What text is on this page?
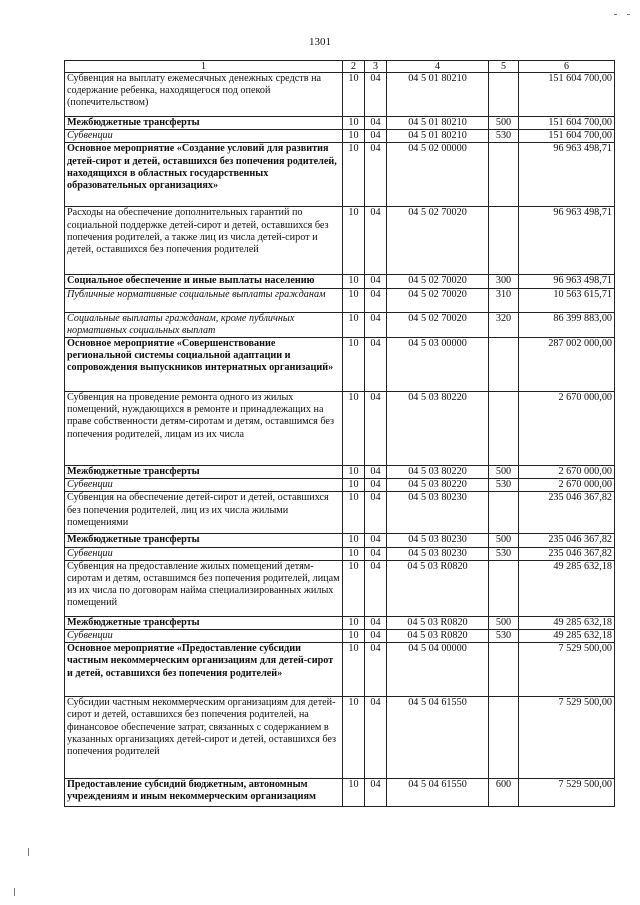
1301
1	2	3	4	5	6
Субвенция на выплату ежемесячных денежных средств на содержание ребенка, находящегося под опекой (попечительством)	10	04	04 5 01 80210		151 604 700,00
Межбюджетные трансферты	10	04	04 5 01 80210	500	151 604 700,00
Субвенции	10	04	04 5 01 80210	530	151 604 700,00
Основное мероприятие «Создание условий для развития детей-сирот и детей, оставшихся без попечения родителей, находящихся в областных государственных образовательных организациях»	10	04	04 5 02 00000		96 963 498,71
Расходы на обеспечение дополнительных гарантий по социальной поддержке детей-сирот и детей, оставшихся без попечения родителей, а также лиц из числа детей-сирот и детей, оставшихся без попечения родителей	10	04	04 5 02 70020		96 963 498,71
Социальное обеспечение и иные выплаты населению	10	04	04 5 02 70020	300	96 963 498,71
Публичные нормативные социальные выплаты гражданам	10	04	04 5 02 70020	310	10 563 615,71
Социальные выплаты гражданам, кроме публичных нормативных социальных выплат	10	04	04 5 02 70020	320	86 399 883,00
Основное мероприятие «Совершенствование региональной системы социальной адаптации и сопровождения выпускников интернатных организаций»	10	04	04 5 03 00000		287 002 000,00
Субвенция на проведение ремонта одного из жилых помещений, нуждающихся в ремонте и принадлежащих на праве собственности детям-сиротам и детям, оставшимся без попечения родителей, лицам из их числа	10	04	04 5 03 80220		2 670 000,00
Межбюджетные трансферты	10	04	04 5 03 80220	500	2 670 000,00
Субвенции	10	04	04 5 03 80220	530	2 670 000,00
Субвенция на обеспечение детей-сирот и детей, оставшихся без попечения родителей, лиц из их числа жилыми помещениями	10	04	04 5 03 80230		235 046 367,82
Межбюджетные трансферты	10	04	04 5 03 80230	500	235 046 367,82
Субвенции	10	04	04 5 03 80230	530	235 046 367,82
Субвенция на предоставление жилых помещений детям-сиротам и детям, оставшимся без попечения родителей, лицам из их числа по договорам найма специализированных жилых помещений	10	04	04 5 03 R0820		49 285 632,18
Межбюджетные трансферты	10	04	04 5 03 R0820	500	49 285 632,18
Субвенции	10	04	04 5 03 R0820	530	49 285 632,18
Основное мероприятие «Предоставление субсидии частным некоммерческим организациям для детей-сирот и детей, оставшихся без попечения родителей»	10	04	04 5 04 00000		7 529 500,00
Субсидии частным некоммерческим организациям для детей-сирот и детей, оставшихся без попечения родителей, на финансовое обеспечение затрат, связанных с содержанием в указанных организациях детей-сирот и детей, оставшихся без попечения родителей	10	04	04 5 04 61550		7 529 500,00
Предоставление субсидий бюджетным, автономным учреждениям и иным некоммерческим организациям	10	04	04 5 04 61550	600	7 529 500,00
